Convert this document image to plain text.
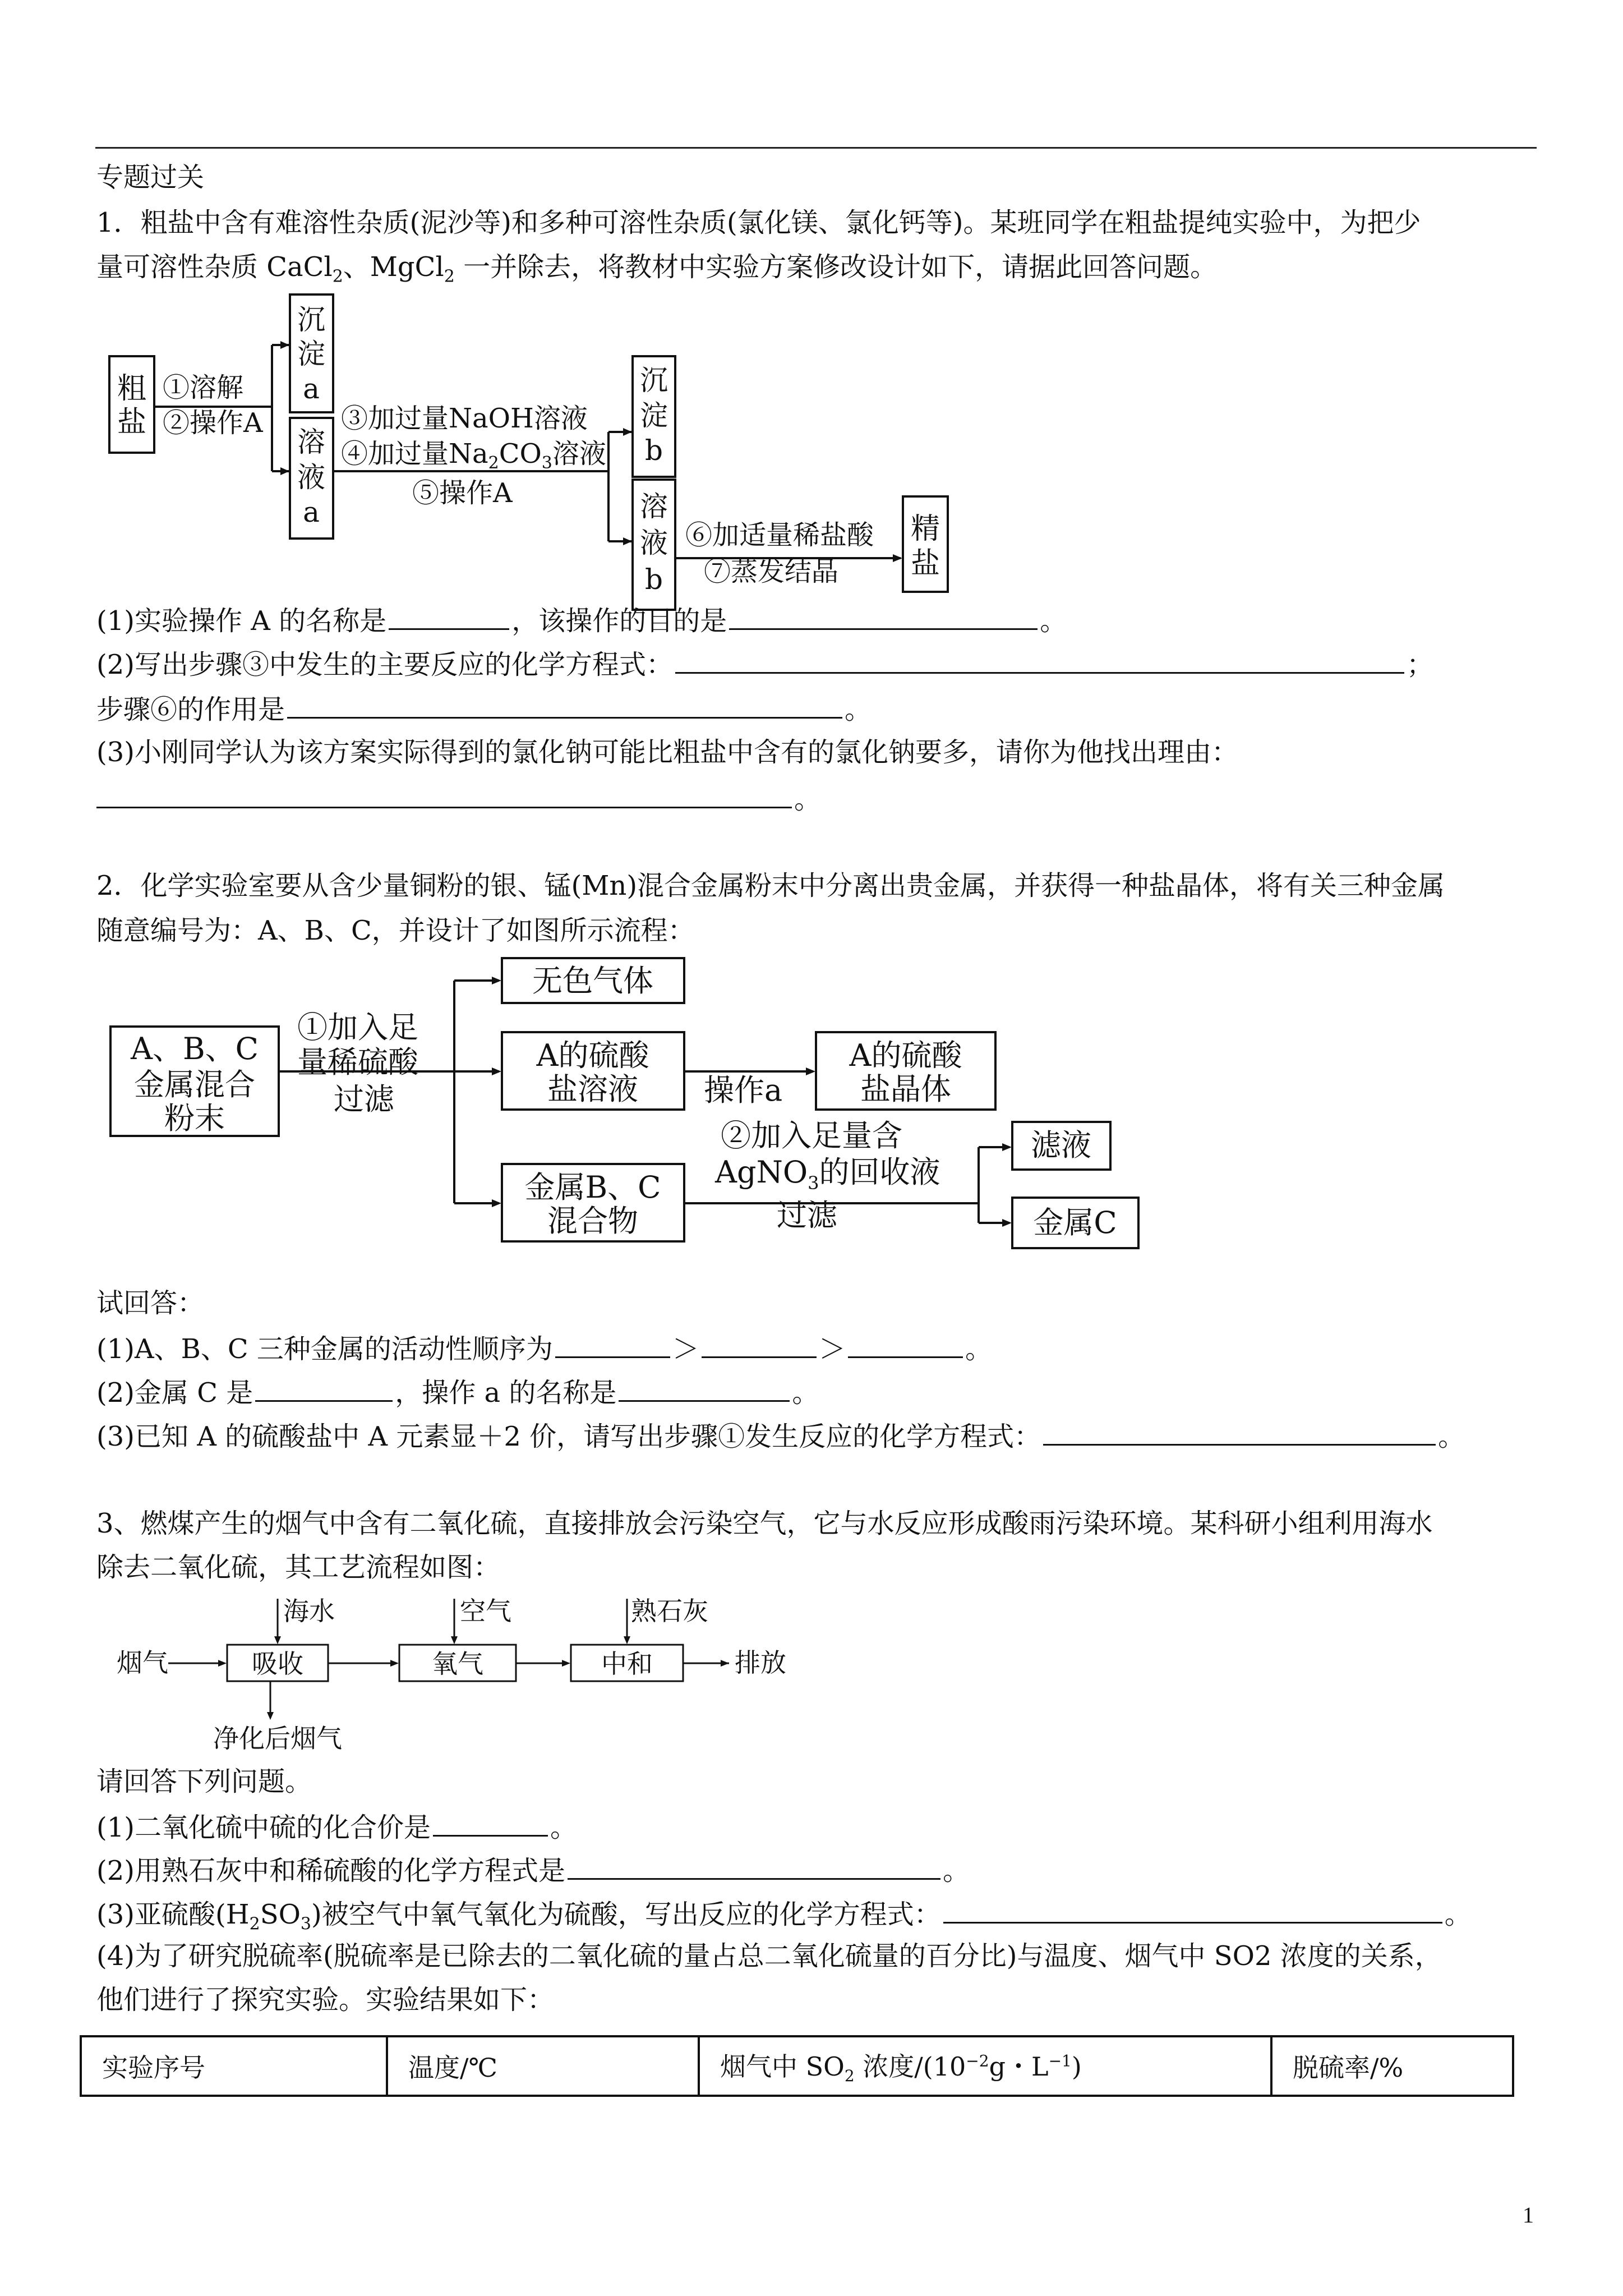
专题过关
1．粗盐中含有难溶性杂质(泥沙等)和多种可溶性杂质(氯化镁、氯化钙等)。某班同学在粗盐提纯实验中，为把少
量可溶性杂质 CaCl$_2$、MgCl$_2$ 一并除去，将教材中实验方案修改设计如下，请据此回答问题。
粗
盐
①溶解
②操作A
沉
淀
a
溶
液
a
③加过量NaOH溶液
④加过量$Na_2CO_3$溶液
⑤操作A
沉
淀
b
溶
液
b
⑥加适量稀盐酸
⑦蒸发结晶
精
盐
(1)实验操作 A 的名称是	，该操作的目的是	。
(2)写出步骤③中发生的主要反应的化学方程式：	；
步骤⑥的作用是	。
(3)小刚同学认为该方案实际得到的氯化钠可能比粗盐中含有的氯化钠要多，请你为他找出理由：
。
2．化学实验室要从含少量铜粉的银、锰(Mn)混合金属粉末中分离出贵金属，并获得一种盐晶体，将有关三种金属
随意编号为：A、B、C，并设计了如图所示流程：
A、B、C
金属混合
粉末
①加入足
量稀硫酸
过滤
无色气体
A的硫酸
盐溶液 操作a
A的硫酸
盐晶体
金属B、C
混合物
②加入足量含
AgNO$_3$的回收液
过滤
滤液
金属C
试回答：
(1)A、B、C 三种金属的活动性顺序为	＞	＞	。
(2)金属 C 是	，操作 a 的名称是	。
(3)已知 A 的硫酸盐中 A 元素显＋2 价，请写出步骤①发生反应的化学方程式：	。
3、燃煤产生的烟气中含有二氧化硫，直接排放会污染空气，它与水反应形成酸雨污染环境。某科研小组利用海水
除去二氧化硫，其工艺流程如图：
烟气
海水
吸收
空气
氧气
熟石灰
中和	排放
净化后烟气
请回答下列问题。
(1)二氧化硫中硫的化合价是	。
(2)用熟石灰中和稀硫酸的化学方程式是	。
(3)亚硫酸$(H_2SO_3)$被空气中氧气氧化为硫酸，写出反应的化学方程式：	。
(4)为了研究脱硫率(脱硫率是已除去的二氧化硫的量占总二氧化硫量的百分比)与温度、烟气中 SO2 浓度的关系，
他们进行了探究实验。实验结果如下：
实验序号	温度/℃	烟气中 $SO_2$ 浓度$/(10^{-2}g$・$L^{-1}$)	脱硫率/%
1
